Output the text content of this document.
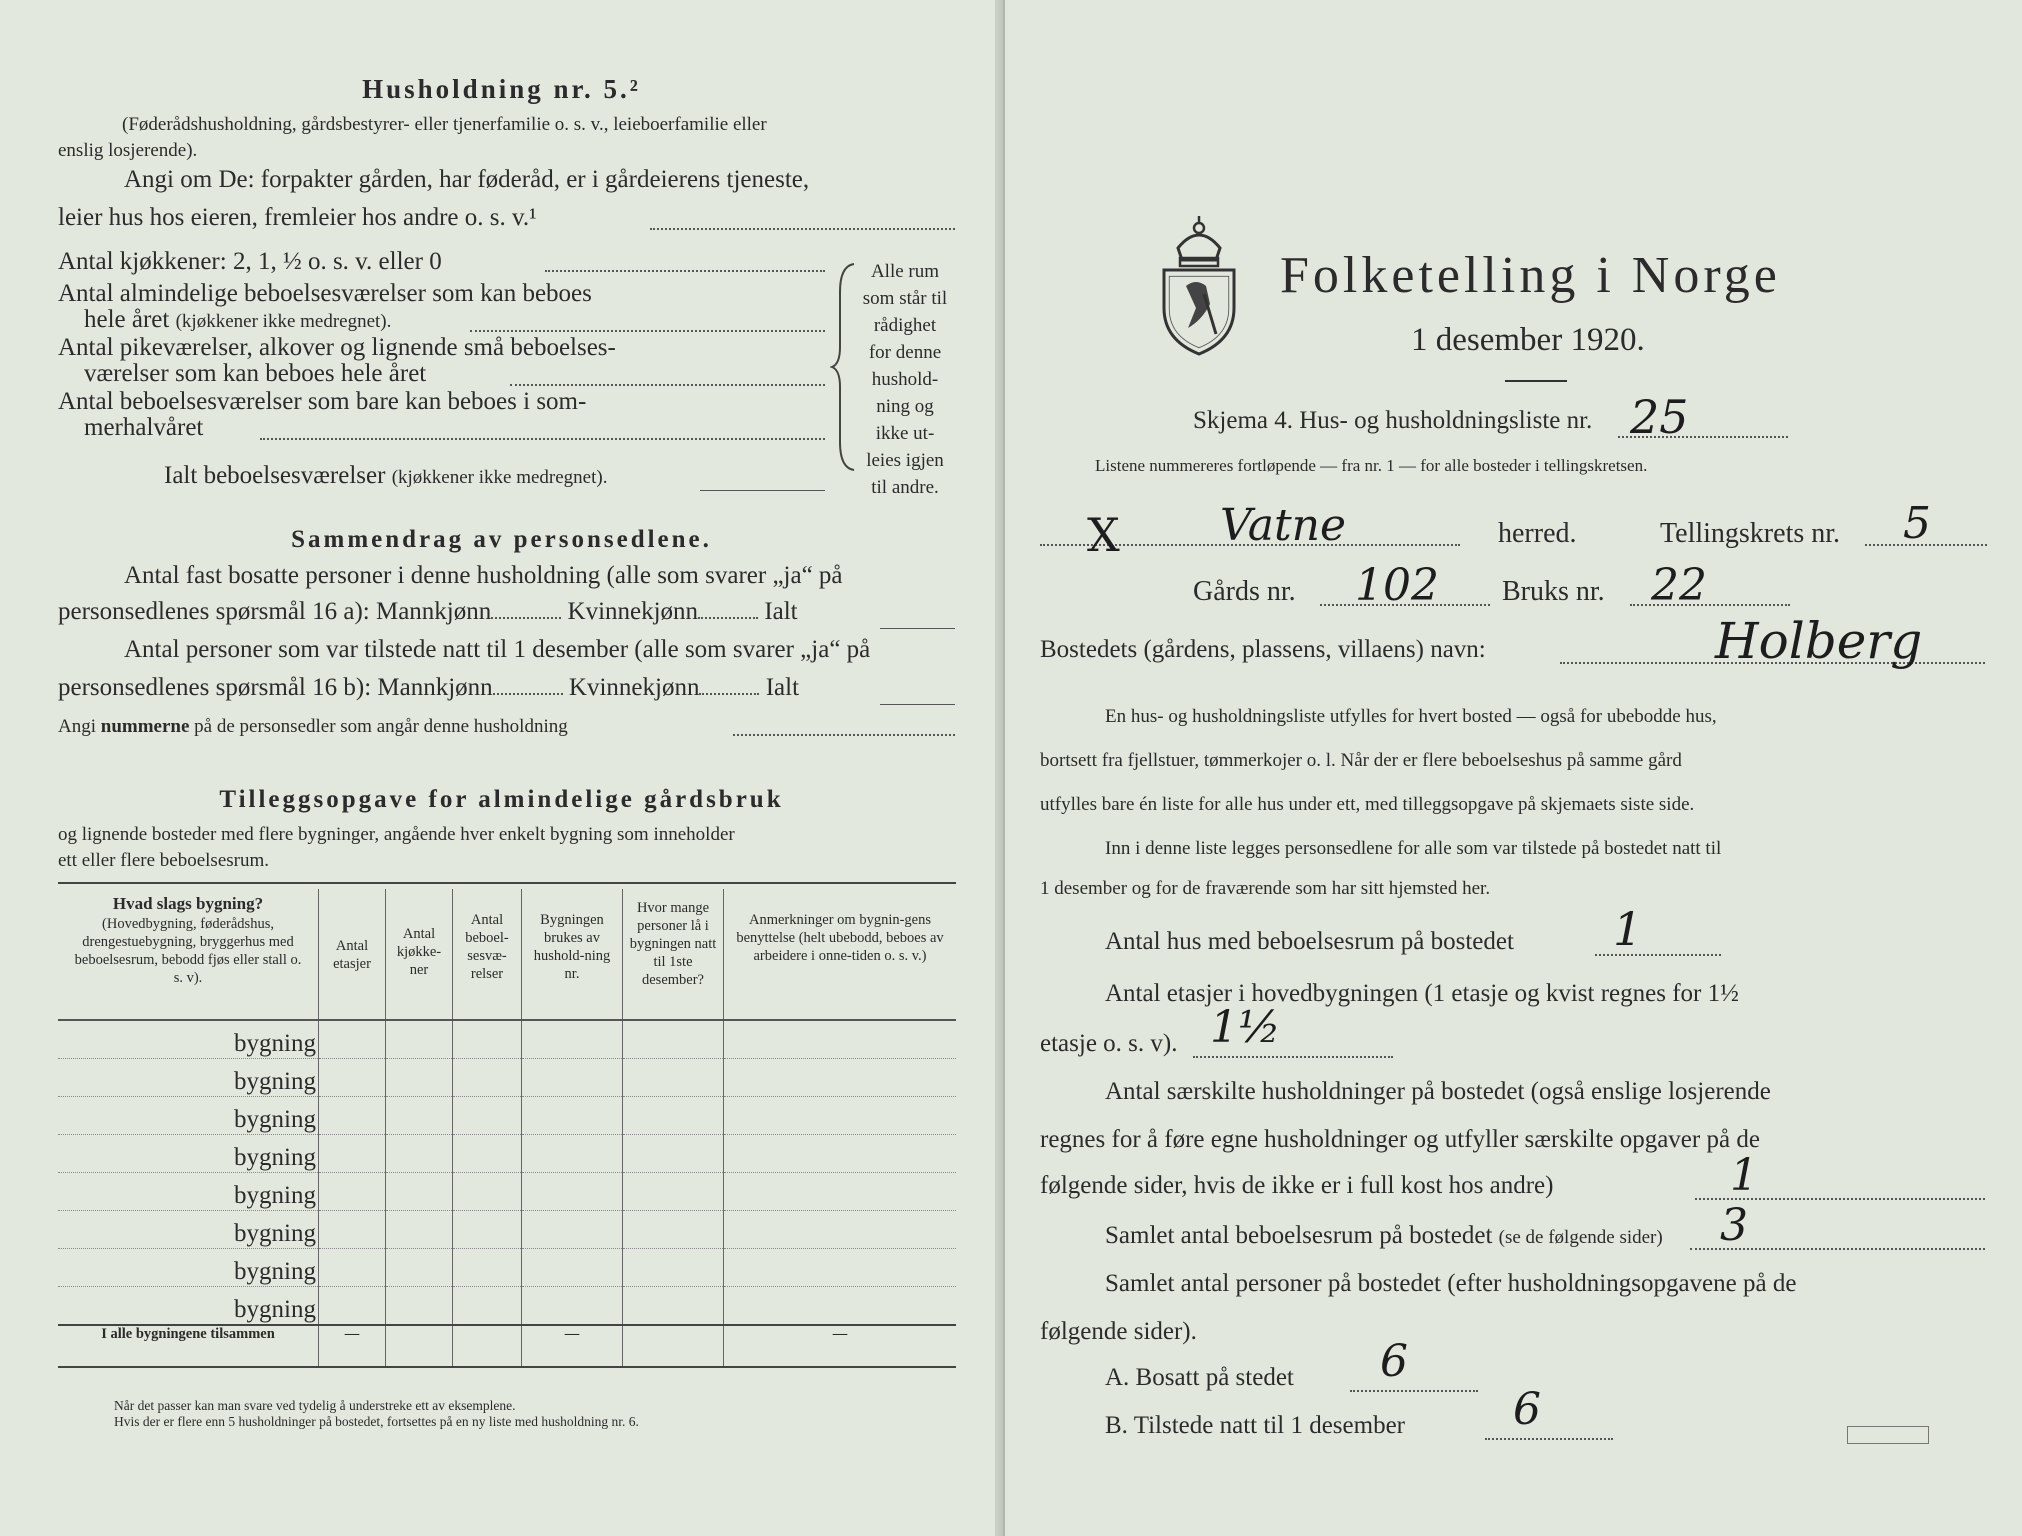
Husholdning nr. 5.²
(Føderådshusholdning, gårdsbestyrer- eller tjenerfamilie o. s. v., leieboerfamilie eller
enslig losjerende).
Angi om De: forpakter gården, har føderåd, er i gårdeierens tjeneste,
leier hus hos eieren, fremleier hos andre o. s. v.¹
Antal kjøkkener: 2, 1, ½ o. s. v. eller 0
Antal almindelige beboelsesværelser som kan beboes
hele året (kjøkkener ikke medregnet).
Antal pikeværelser, alkover og lignende små beboelses-
værelser som kan beboes hele året
Antal beboelsesværelser som bare kan beboes i som-
merhalvåret
Ialt beboelsesværelser (kjøkkener ikke medregnet).
Alle rum
som står til
rådighet
for denne
hushold-
ning og
ikke ut-
leies igjen
til andre.
Sammendrag av personsedlene.
Antal fast bosatte personer i denne husholdning (alle som svarer „ja“ på
personsedlenes spørsmål 16 a): Mannkjønn	Kvinnekjønn	Ialt
Antal personer som var tilstede natt til 1 desember (alle som svarer „ja“ på
personsedlenes spørsmål 16 b): Mannkjønn	Kvinnekjønn	Ialt
Angi nummerne på de personsedler som angår denne husholdning
Tilleggsopgave for almindelige gårdsbruk
og lignende bosteder med flere bygninger, angående hver enkelt bygning som inneholder
ett eller flere beboelsesrum.
Hvad slags bygning?
(Hovedbygning, føderådshus, drengestuebygning, bryggerhus med beboelsesrum, bebodd fjøs eller stall o. s. v).	Antal etasjer	Antal kjøkke-ner	Antal beboel-sesvæ-relser	Bygningen brukes av hushold-ning nr.	Hvor mange personer lå i bygningen natt til 1ste desember?	Anmerkninger om bygnin-gens benyttelse (helt ubebodd, beboes av arbeidere i onne-tiden o. s. v.)

bygning						
bygning						
bygning						
bygning						
bygning						
bygning						
bygning						
bygning						
I alle bygningene tilsammen	—			—		—
Når det passer kan man svare ved tydelig å understreke ett av eksemplene.
Hvis der er flere enn 5 husholdninger på bostedet, fortsettes på en ny liste med husholdning nr. 6.
Folketelling i Norge
1 desember 1920.
Skjema 4. Hus- og husholdningsliste nr. 25
Listene nummereres fortløpende — fra nr. 1 — for alle bosteder i tellingskretsen.
X Vatne	herred.	Tellingskrets nr. 5
Gårds nr. 102 Bruks nr. 22
Bostedets (gårdens, plassens, villaens) navn:	Holberg
En hus- og husholdningsliste utfylles for hvert bosted — også for ubebodde hus,
bortsett fra fjellstuer, tømmerkojer o. l. Når der er flere beboelseshus på samme gård
utfylles bare én liste for alle hus under ett, med tilleggsopgave på skjemaets siste side.
Inn i denne liste legges personsedlene for alle som var tilstede på bostedet natt til
1 desember og for de fraværende som har sitt hjemsted her.
Antal hus med beboelsesrum på bostedet 1
Antal etasjer i hovedbygningen (1 etasje og kvist regnes for 1½
etasje o. s. v). 1½
Antal særskilte husholdninger på bostedet (også enslige losjerende
regnes for å føre egne husholdninger og utfyller særskilte opgaver på de
følgende sider, hvis de ikke er i full kost hos andre)	1
Samlet antal beboelsesrum på bostedet (se de følgende sider) 3
Samlet antal personer på bostedet (efter husholdningsopgavene på de
følgende sider).
A. Bosatt på stedet 6
B. Tilstede natt til 1 desember 6
